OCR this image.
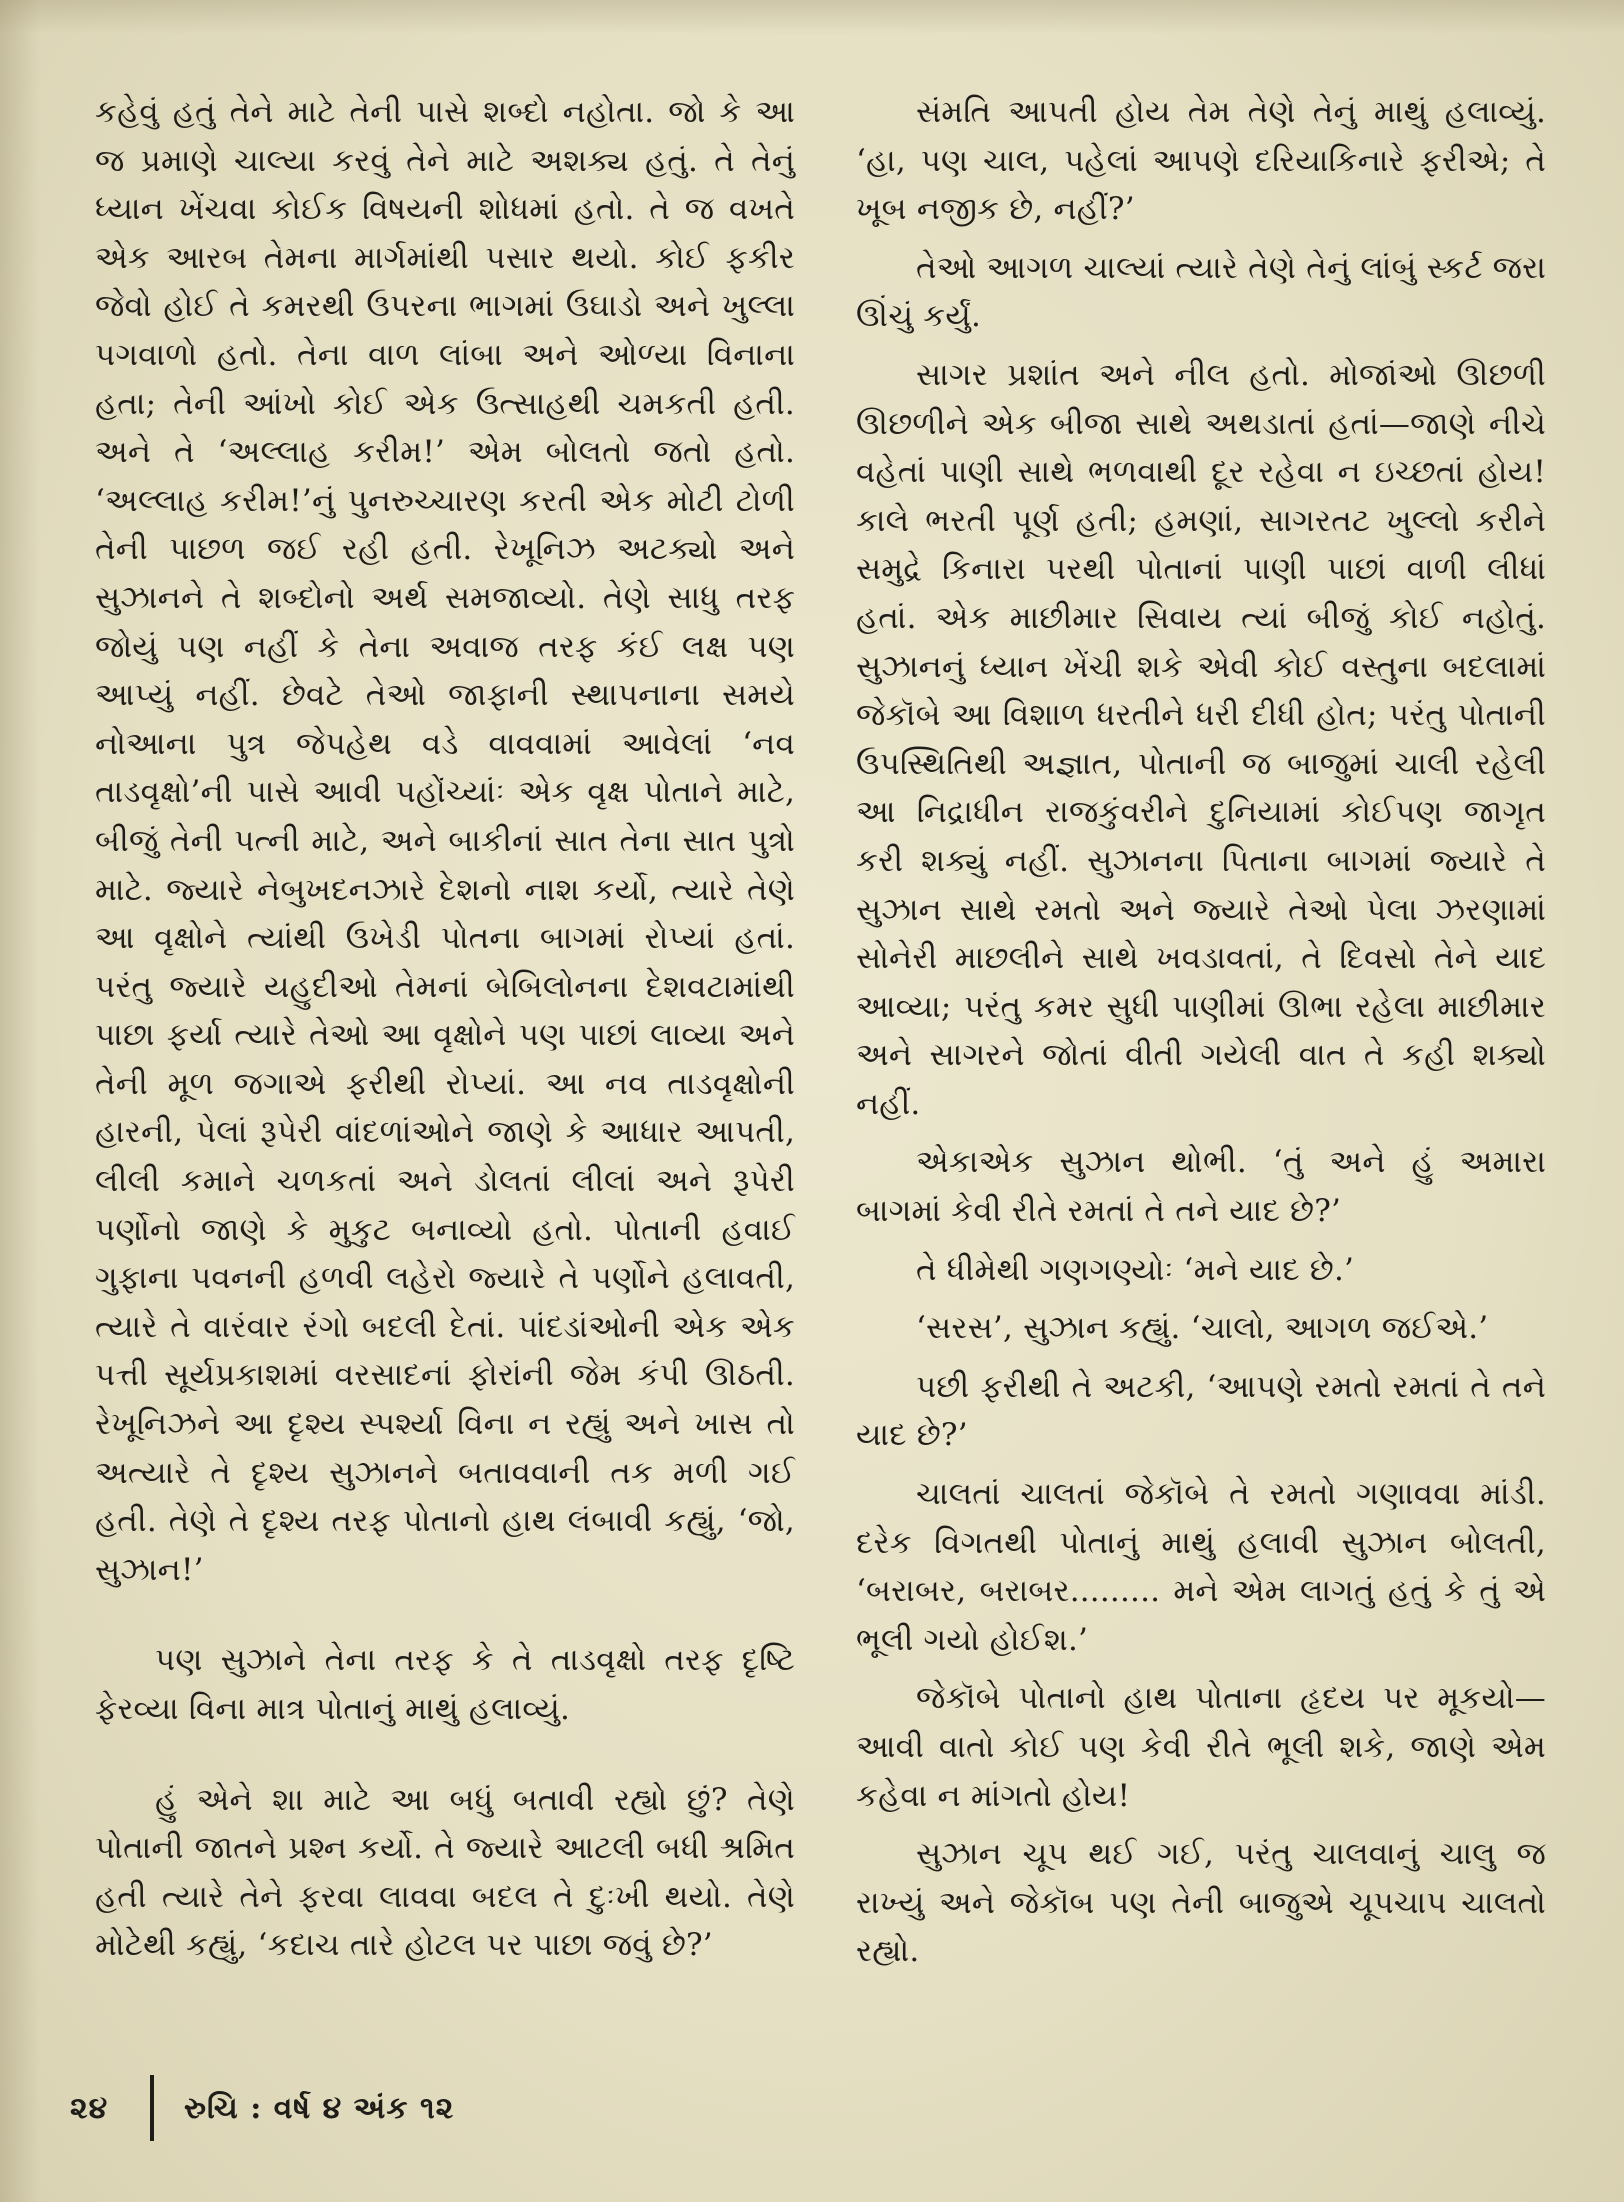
કહેવું હતું તેને માટે તેની પાસે શબ્દો નહોતા. જો કે આ જ પ્રમાણે ચાલ્યા કરવું તેને માટે અશક્ય હતું. તે તેનું ધ્યાન ખેંચવા કોઈક વિષયની શોધમાં હતો. તે જ વખતે એક આરબ તેમના માર્ગમાંથી પસાર થયો. કોઈ ફકીર જેવો હોઈ તે કમરથી ઉપરના ભાગમાં ઉઘાડો અને ખુલ્લા પગવાળો હતો. તેના વાળ લાંબા અને ઓળ્યા વિનાના હતા; તેની આંખો કોઈ એક ઉત્સાહથી ચમકતી હતી. અને તે ‘અલ્લાહ કરીમ!’ એમ બોલતો જતો હતો. ‘અલ્લાહ કરીમ!’નું પુનરુચ્ચારણ કરતી એક મોટી ટોળી તેની પાછળ જઈ રહી હતી. રેખૂનિઝ અટક્યો અને સુઝાનને તે શબ્દોનો અર્થ સમજાવ્યો. તેણે સાધુ તરફ જોયું પણ નહીં કે તેના અવાજ તરફ કંઈ લક્ષ પણ આપ્યું નહીં. છેવટે તેઓ જાફાની સ્થાપનાના સમયે નોઆના પુત્ર જેપહેથ વડે વાવવામાં આવેલાં ‘નવ તાડવૃક્ષો’ની પાસે આવી પહોંચ્યાંઃ એક વૃક્ષ પોતાને માટે, બીજું તેની પત્ની માટે, અને બાકીનાં સાત તેના સાત પુત્રો માટે. જ્યારે નેબુખદનઝારે દેશનો નાશ કર્યો, ત્યારે તેણે આ વૃક્ષોને ત્યાંથી ઉખેડી પોતના બાગમાં રોપ્યાં હતાં. પરંતુ જ્યારે યહુદીઓ તેમનાં બેબિલોનના દેશવટામાંથી પાછા ફર્યા ત્યારે તેઓ આ વૃક્ષોને પણ પાછાં લાવ્યા અને તેની મૂળ જગાએ ફરીથી રોપ્યાં. આ નવ તાડવૃક્ષોની હારની, પેલાં રૂપેરી વાંદળાંઓને જાણે કે આધાર આપતી, લીલી કમાને ચળકતાં અને ડોલતાં લીલાં અને રૂપેરી પર્ણોનો જાણે કે મુકુટ બનાવ્યો હતો. પોતાની હવાઈ ગુફાના પવનની હળવી લહેરો જ્યારે તે પર્ણોને હલાવતી, ત્યારે તે વારંવાર રંગો બદલી દેતાં. પાંદડાંઓની એક એક પત્તી સૂર્યપ્રકાશમાં વરસાદનાં ફોરાંની જેમ કંપી ઊઠતી. રેખૂનિઝને આ દૃશ્ય સ્પર્શ્યા વિના ન રહ્યું અને ખાસ તો અત્યારે તે દૃશ્ય સુઝાનને બતાવવાની તક મળી ગઈ હતી. તેણે તે દૃશ્ય તરફ પોતાનો હાથ લંબાવી કહ્યું, ‘જો, સુઝાન!’

પણ સુઝાને તેના તરફ કે તે તાડવૃક્ષો તરફ દૃષ્ટિ ફેરવ્યા વિના માત્ર પોતાનું માથું હલાવ્યું.

હું એને શા માટે આ બધું બતાવી રહ્યો છું? તેણે પોતાની જાતને પ્રશ્ન કર્યો. તે જ્યારે આટલી બધી શ્રમિત હતી ત્યારે તેને ફરવા લાવવા બદલ તે દુઃખી થયો. તેણે મોટેથી કહ્યું, ‘કદાચ તારે હોટલ પર પાછા જવું છે?’

સંમતિ આપતી હોય તેમ તેણે તેનું માથું હલાવ્યું. ‘હા, પણ ચાલ, પહેલાં આપણે દરિયાકિનારે ફરીએ; તે ખૂબ નજીક છે, નહીં?’

તેઓ આગળ ચાલ્યાં ત્યારે તેણે તેનું લાંબું સ્કર્ટ જરા ઊંચું કર્યું.

સાગર પ્રશાંત અને નીલ હતો. મોજાંઓ ઊછળી ઊછળીને એક બીજા સાથે અથડાતાં હતાં—જાણે નીચે વહેતાં પાણી સાથે ભળવાથી દૂર રહેવા ન ઇચ્છતાં હોય! કાલે ભરતી પૂર્ણ હતી; હમણાં, સાગરતટ ખુલ્લો કરીને સમુદ્રે કિનારા પરથી પોતાનાં પાણી પાછાં વાળી લીધાં હતાં. એક માછીમાર સિવાય ત્યાં બીજું કોઈ નહોતું. સુઝાનનું ધ્યાન ખેંચી શકે એવી કોઈ વસ્તુના બદલામાં જેકૉબે આ વિશાળ ધરતીને ધરી દીધી હોત; પરંતુ પોતાની ઉપસ્થિતિથી અજ્ઞાત, પોતાની જ બાજુમાં ચાલી રહેલી આ નિદ્રાધીન રાજકુંવરીને દુનિયામાં કોઈપણ જાગૃત કરી શક્યું નહીં. સુઝાનના પિતાના બાગમાં જ્યારે તે સુઝાન સાથે રમતો અને જ્યારે તેઓ પેલા ઝરણામાં સોનેરી માછલીને સાથે ખવડાવતાં, તે દિવસો તેને યાદ આવ્યા; પરંતુ કમર સુધી પાણીમાં ઊભા રહેલા માછીમાર અને સાગરને જોતાં વીતી ગયેલી વાત તે કહી શક્યો નહીં.

એકાએક સુઝાન થોભી. ‘તું અને હું અમારા બાગમાં કેવી રીતે રમતાં તે તને યાદ છે?’

તે ધીમેથી ગણગણ્યોઃ ‘મને યાદ છે.’

‘સરસ’, સુઝાન કહ્યું. ‘ચાલો, આગળ જઈએ.’

પછી ફરીથી તે અટકી, ‘આપણે રમતો રમતાં તે તને યાદ છે?’

ચાલતાં ચાલતાં જેકૉબે તે રમતો ગણાવવા માંડી. દરેક વિગતથી પોતાનું માથું હલાવી સુઝાન બોલતી, ‘બરાબર, બરાબર......... મને એમ લાગતું હતું કે તું એ ભૂલી ગયો હોઈશ.’

જેકૉબે પોતાનો હાથ પોતાના હૃદય પર મૂકયો— આવી વાતો કોઈ પણ કેવી રીતે ભૂલી શકે, જાણે એમ કહેવા ન માંગતો હોય!

સુઝાન ચૂપ થઈ ગઈ, પરંતુ ચાલવાનું ચાલુ જ રાખ્યું અને જેકૉબ પણ તેની બાજુએ ચૂપચાપ ચાલતો રહ્યો.

૨૪	રુચિ : વર્ષ ૪ અંક ૧૨
